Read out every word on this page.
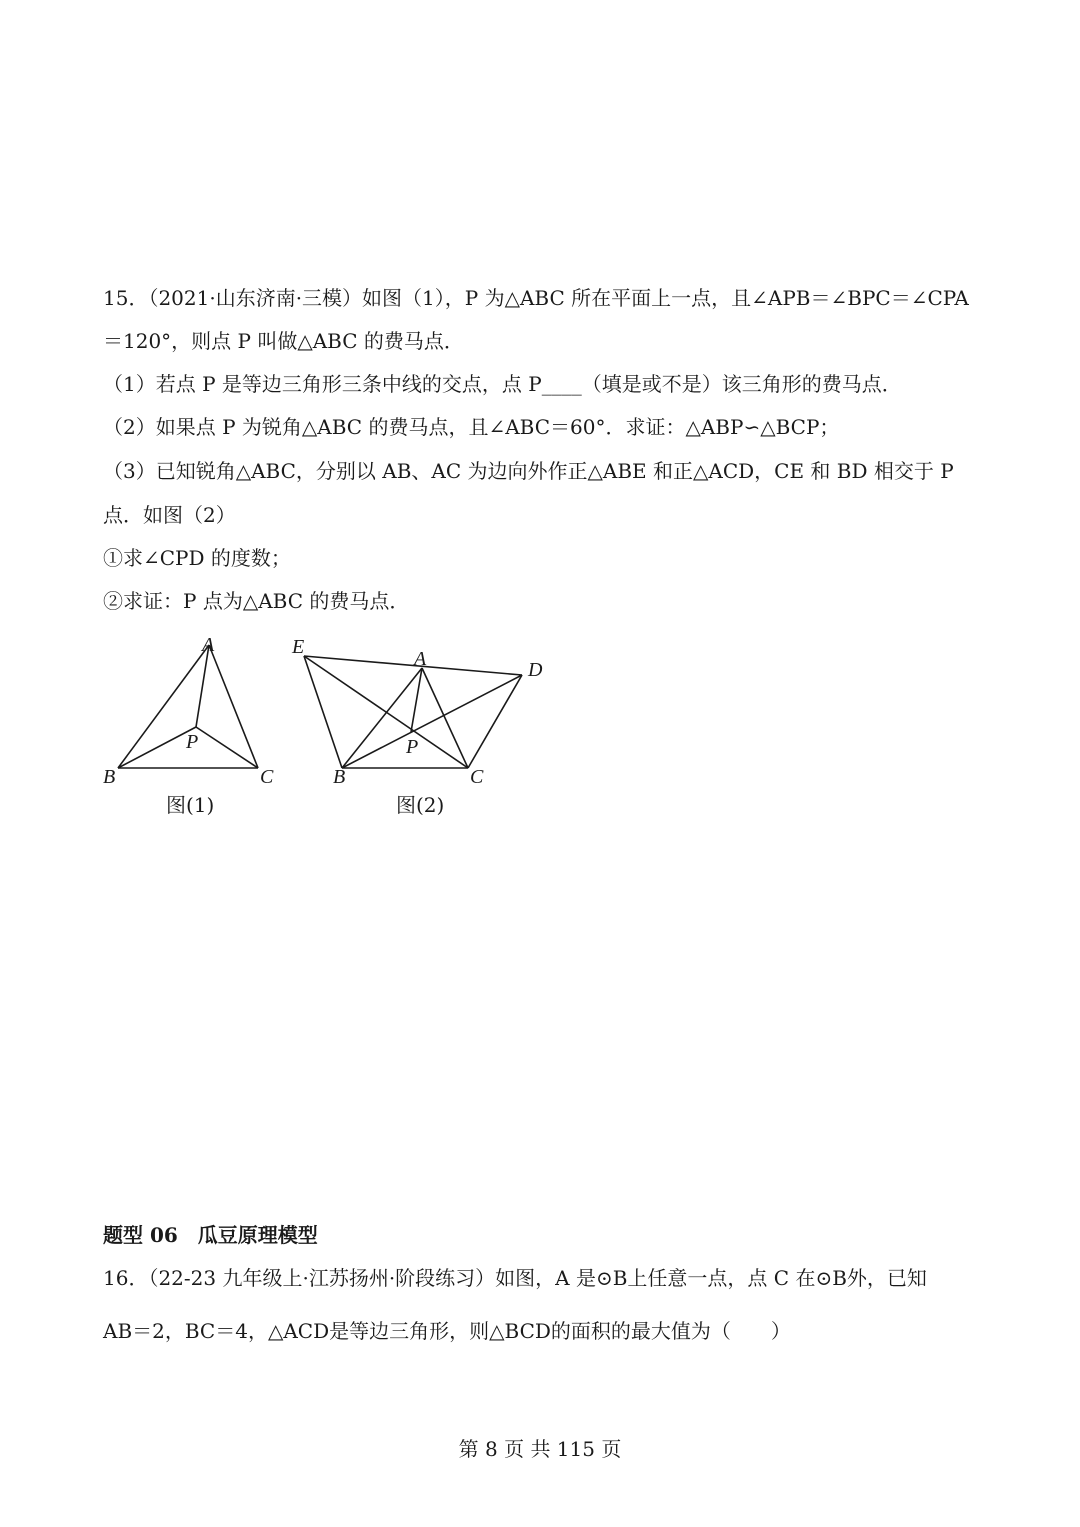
15．（2021·山东济南·三模）如图（1），P 为△ABC 所在平面上一点，且∠APB＝∠BPC＝∠CPA
＝120°，则点 P 叫做△ABC 的费马点．
（1）若点 P 是等边三角形三条中线的交点，点 P____（填是或不是）该三角形的费马点．
（2）如果点 P 为锐角△ABC 的费马点，且∠ABC＝60°．求证：△ABP∽△BCP；
（3）已知锐角△ABC，分别以 AB、AC 为边向外作正△ABE 和正△ACD，CE 和 BD 相交于 P
点．如图（2）
①求∠CPD 的度数；
②求证：P 点为△ABC 的费马点．
A
B	C
P
图(1)
E
A	D
B	C
P
图(2)
题型 06　瓜豆原理模型
16．（22-23 九年级上·江苏扬州·阶段练习）如图，A 是⊙B上任意一点，点 C 在⊙B外，已知
AB＝2，BC＝4，△ACD是等边三角形，则△BCD的面积的最大值为（　　）
第 8 页 共 115 页
